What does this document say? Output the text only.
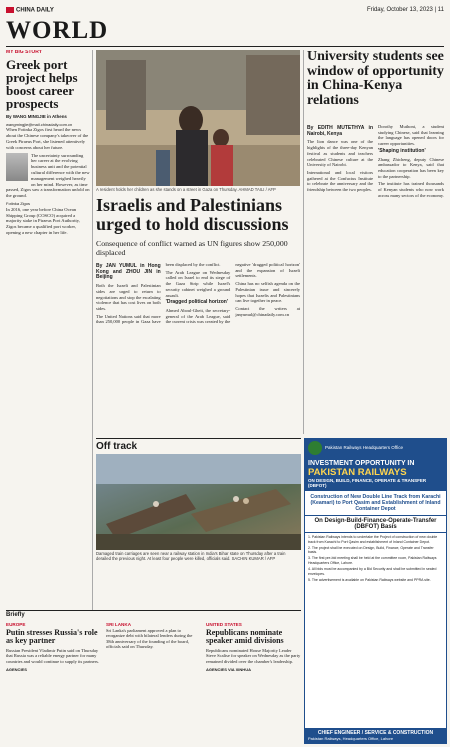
CHINA DAILY	Friday, October 13, 2023 | 11
WORLD
MY BIG STORY
Greek port project helps boost career prospects
By WANG MINGJIE in Athens
wangmingjie@mail.chinadaily.com.cn

When Fotinka Zigos first heard the news about the Chinese company's takeover of the Greek Piraeus Port, she listened attentively with concerns about her future.

The uncertainty surrounding her career at the evolving business unit and the potential cultural difference with the new management weighed heavily on her mind. However, as time passed, Zigos saw a transformation unfold on the ground.

Fotinka Zigos

In 2016, one year before China Ocean Shipping Group (COSCO) acquired a majority stake in Piraeus Port Authority, Zigos became a qualified port worker, opening a new chapter in her life.

A resident holds her children as she stands on a street in Gaza on Thursday. AHMAD TAILI / AFP
Israelis and Palestinians urged to hold discussions
Consequence of conflict warned as UN figures show 250,000 displaced

By JAN YUMUL in Hong Kong and ZHOU JIN in Beijing

Both the Israeli and Palestinian sides are urged to return to negotiations and stop the escalating violence that has cost lives on both sides.

The United Nations said that more than 250,000 people in Gaza have been displaced by the conflict.

The Arab League on Wednesday called on Israel to end its siege of the Gaza Strip while Israel's security cabinet weighed a ground assault.

'Dragged political horizon'

Ahmed Aboul-Gheit, the secretary-general of the Arab League, said the current crisis was created by the negative 'dragged political horizon' and the expansion of Israeli settlements.

China has no selfish agenda on the Palestinian issue and sincerely hopes that Israelis and Palestinians can live together in peace.

Contact the writers at janyumul@chinadaily.com.cn

University students see window of opportunity in China-Kenya relations

By EDITH MUTETHYA in Nairobi, Kenya

The lion dance was one of the highlights of the three-day Kenyan festival as students and teachers celebrated Chinese culture at the University of Nairobi.

International and local visitors gathered at the Confucius Institute to celebrate the anniversary and the friendship between the two peoples.

Dorothy Muthoni, a student studying Chinese, said that learning the language has opened doors for career opportunities.

'Shaping institution'

Zhang Zhicheng, deputy Chinese ambassador to Kenya, said that education cooperation has been key to the partnership.

The institute has trained thousands of Kenyan students who now work across many sectors of the economy.

Off track
Damaged train carriages are seen near a railway station in India's Bihar state on Thursday after a train derailed the previous night. At least four people were killed, officials said. SACHIN KUMAR / AFP
Briefly
EUROPE
Putin stresses Russia's role as key partner

Russian President Vladimir Putin said on Thursday that Russia was a reliable energy partner for many countries and would continue to supply its partners.

AGENCIES
SRI LANKA

Sri Lanka's parliament approved a plan to reorganize debt with bilateral lenders during the 38th anniversary of the founding of the board, officials said on Thursday.

UNITED STATES
Republicans nominate speaker amid divisions

Republicans nominated House Majority Leader Steve Scalise for speaker on Wednesday as the party remained divided over the chamber's leadership.

AGENCIES VIA XINHUA
Pakistan Railways Headquarters Office
INVESTMENT OPPORTUNITY IN
PAKISTAN RAILWAYS
ON DESIGN, BUILD, FINANCE, OPERATE & TRANSFER (DBFOT)
Construction of New Double Line Track from Karachi (Keamari) to Port Qasim and Establishment of Inland Container Depot
On Design-Build-Finance-Operate-Transfer (DBFOT) Basis

1. Pakistan Railways intends to undertake the Project of construction of new double track from Karachi to Port Qasim and establishment of Inland Container Depot.

2. The project shall be executed on Design, Build, Finance, Operate and Transfer basis.

3. The first pre-bid meeting shall be held at the committee room, Pakistan Railways Headquarters Office, Lahore.

4. All bids must be accompanied by a Bid Security and shall be submitted in sealed envelopes.

5. The advertisement is available on Pakistan Railways website and PPRA site.

CHIEF ENGINEER / SERVICE & CONSTRUCTION
Pakistan Railways, Headquarters Office, Lahore
